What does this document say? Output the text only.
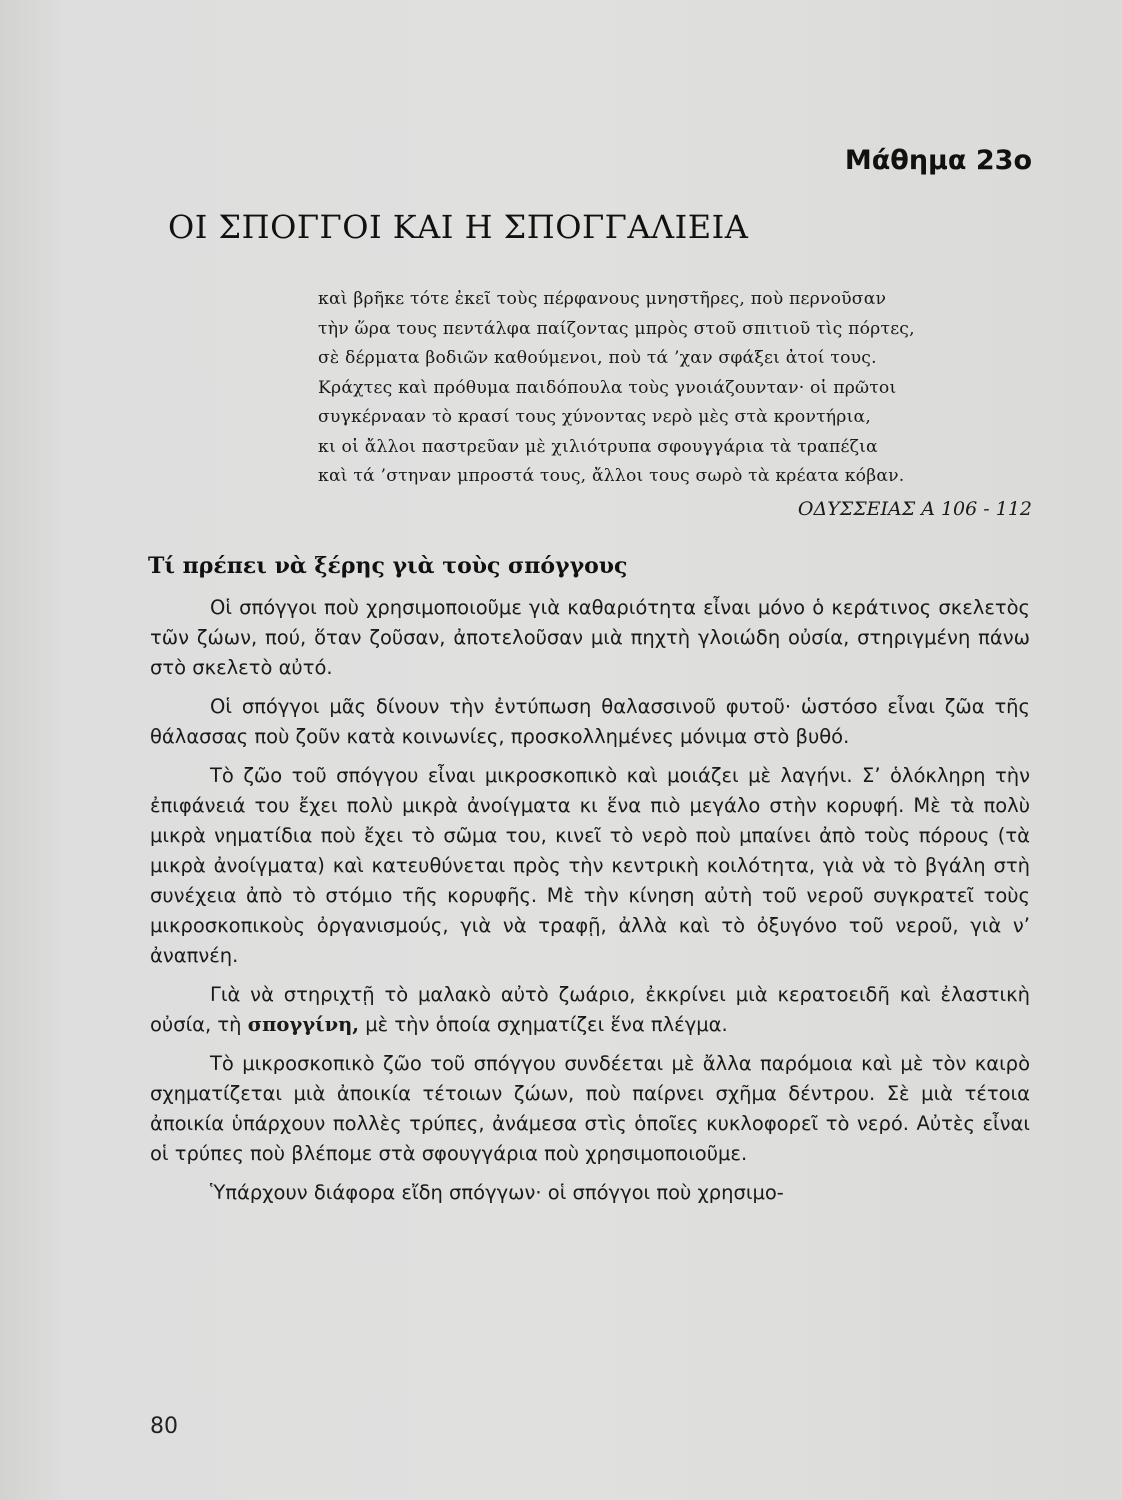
Μάθημα 23ο
ΟΙ ΣΠΟΓΓΟΙ ΚΑΙ Η ΣΠΟΓΓΑΛΙΕΙΑ
καὶ βρῆκε τότε ἐκεῖ τοὺς πέρφανους μνηστῆρες, ποὺ περνοῦσαν
τὴν ὥρα τους πεντάλφα παίζοντας μπρὸς στοῦ σπιτιοῦ τὶς πόρτες,
σὲ δέρματα βοδιῶν καθούμενοι, ποὺ τά ’χαν σφάξει ἀτοί τους.
Κράχτες καὶ πρόθυμα παιδόπουλα τοὺς γνοιάζουνταν· οἱ πρῶτοι
συγκέρνααν τὸ κρασί τους χύνοντας νερὸ μὲς στὰ κροντήρια,
κι οἱ ἄλλοι παστρεῦαν μὲ χιλιότρυπα σφουγγάρια τὰ τραπέζια
καὶ τά ’στηναν μπροστά τους, ἄλλοι τους σωρὸ τὰ κρέατα κόβαν.
ΟΔΥΣΣΕΙΑΣ Α 106 - 112
Τί πρέπει νὰ ξέρης γιὰ τοὺς σπόγγους

Οἱ σπόγγοι ποὺ χρησιμοποιοῦμε γιὰ καθαριότητα εἶναι μόνο ὁ κεράτινος σκελετὸς τῶν ζώων, πού, ὅταν ζοῦσαν, ἀποτελοῦσαν μιὰ πηχτὴ γλοιώδη οὐσία, στηριγμένη πάνω στὸ σκελετὸ αὐτό.

Οἱ σπόγγοι μᾶς δίνουν τὴν ἐντύπωση θαλασσινοῦ φυτοῦ· ὡστόσο εἶναι ζῶα τῆς θάλασσας ποὺ ζοῦν κατὰ κοινωνίες, προσκολλημένες μόνιμα στὸ βυθό.

Τὸ ζῶο τοῦ σπόγγου εἶναι μικροσκοπικὸ καὶ μοιάζει μὲ λαγήνι. Σ’ ὁλόκληρη τὴν ἐπιφάνειά του ἔχει πολὺ μικρὰ ἀνοίγματα κι ἕνα πιὸ μεγάλο στὴν κορυφή. Μὲ τὰ πολὺ μικρὰ νηματίδια ποὺ ἔχει τὸ σῶμα του, κινεῖ τὸ νερὸ ποὺ μπαίνει ἀπὸ τοὺς πόρους (τὰ μικρὰ ἀνοίγματα) καὶ κατευθύνεται πρὸς τὴν κεντρικὴ κοιλότητα, γιὰ νὰ τὸ βγάλη στὴ συνέχεια ἀπὸ τὸ στόμιο τῆς κορυφῆς. Μὲ τὴν κίνηση αὐτὴ τοῦ νεροῦ συγκρατεῖ τοὺς μικροσκοπικοὺς ὀργανισμούς, γιὰ νὰ τραφῇ, ἀλλὰ καὶ τὸ ὀξυγόνο τοῦ νεροῦ, γιὰ ν’ ἀναπνέη.

Γιὰ νὰ στηριχτῇ τὸ μαλακὸ αὐτὸ ζωάριο, ἐκκρίνει μιὰ κερατοειδῆ καὶ ἐλαστικὴ οὐσία, τὴ σπογγίνη, μὲ τὴν ὁποία σχηματίζει ἕνα πλέγμα.

Τὸ μικροσκοπικὸ ζῶο τοῦ σπόγγου συνδέεται μὲ ἄλλα παρόμοια καὶ μὲ τὸν καιρὸ σχηματίζεται μιὰ ἀποικία τέτοιων ζώων, ποὺ παίρνει σχῆμα δέντρου. Σὲ μιὰ τέτοια ἀποικία ὑπάρχουν πολλὲς τρύπες, ἀνάμεσα στὶς ὁποῖες κυκλοφορεῖ τὸ νερό. Αὐτὲς εἶναι οἱ τρύπες ποὺ βλέπομε στὰ σφουγγάρια ποὺ χρησιμοποιοῦμε.

Ὑπάρχουν διάφορα εἴδη σπόγγων· οἱ σπόγγοι ποὺ χρησιμο-

80
